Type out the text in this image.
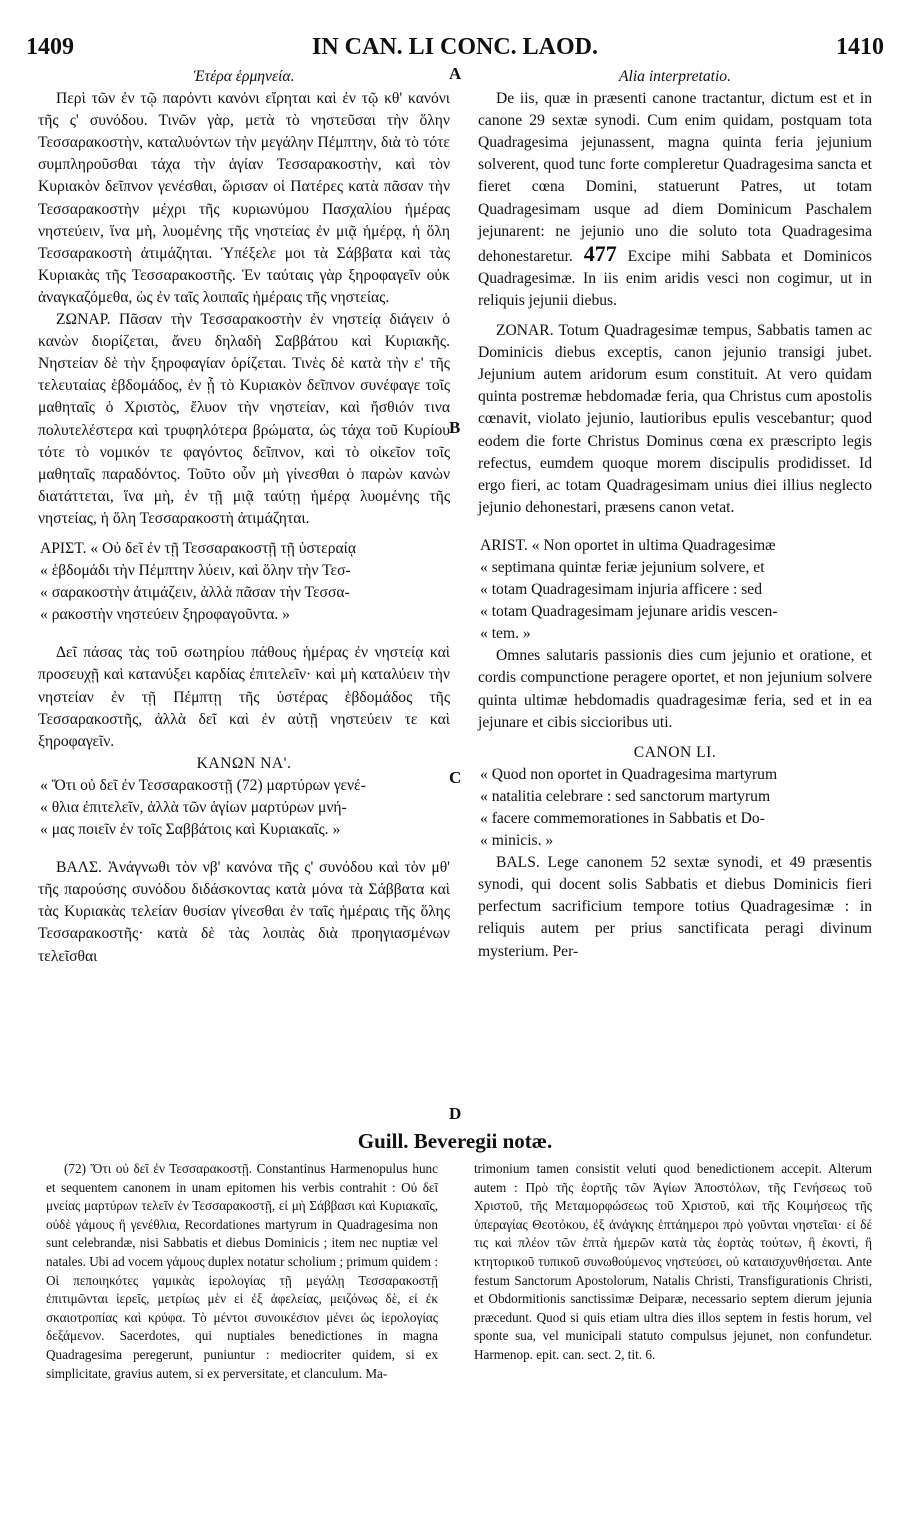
1409	IN CAN. LI CONC. LAOD.	1410
A
B
C
D

Ἑτέρα ἑρμηνεία.

Περὶ τῶν ἐν τῷ παρόντι κανόνι εἴρηται καὶ ἐν τῷ κθ' κανόνι τῆς ς' συνόδου. Τινῶν γὰρ, μετὰ τὸ νηστεῦσαι τὴν ὅλην Τεσσαρακοστὴν, καταλυόντων τὴν μεγάλην Πέμπτην, διὰ τὸ τότε συμπληροῦσθαι τάχα τὴν ἁγίαν Τεσσαρακοστὴν, καὶ τὸν Κυριακὸν δεῖπνον γενέσθαι, ὥρισαν οἱ Πατέρες κατὰ πᾶσαν τὴν Τεσσαρακοστὴν μέχρι τῆς κυριωνύμου Πασχαλίου ἡμέρας νηστεύειν, ἵνα μὴ, λυομένης τῆς νηστείας ἐν μιᾷ ἡμέρᾳ, ἡ ὅλη Τεσσαρακοστὴ ἀτιμάζηται. Ὑπέξελε μοι τὰ Σάββατα καὶ τὰς Κυριακὰς τῆς Τεσσαρακοστῆς. Ἐν ταύταις γὰρ ξηροφαγεῖν οὐκ ἀναγκαζόμεθα, ὡς ἐν ταῖς λοιπαῖς ἡμέραις τῆς νηστείας.

ΖΩΝΑΡ. Πᾶσαν τὴν Τεσσαρακοστὴν ἐν νηστείᾳ διάγειν ὁ κανὼν διορίζεται, ἄνευ δηλαδὴ Σαββάτου καὶ Κυριακῆς. Νηστείαν δὲ τὴν ξηροφαγίαν ὁρίζεται. Τινὲς δὲ κατὰ τὴν ε' τῆς τελευταίας ἑβδομάδος, ἐν ᾗ τὸ Κυριακὸν δεῖπνον συνέφαγε τοῖς μαθηταῖς ὁ Χριστὸς, ἔλυον τὴν νηστείαν, καὶ ἤσθιόν τινα πολυτελέστερα καὶ τρυφηλότερα βρώματα, ὡς τάχα τοῦ Κυρίου τότε τὸ νομικόν τε φαγόντος δεῖπνον, καὶ τὸ οἰκεῖον τοῖς μαθηταῖς παραδόντος. Τοῦτο οὖν μὴ γίνεσθαι ὁ παρὼν κανὼν διατάττεται, ἵνα μὴ, ἐν τῇ μιᾷ ταύτῃ ἡμέρᾳ λυομένης τῆς νηστείας, ἡ ὅλη Τεσσαρακοστὴ ἀτιμάζηται.

ΑΡΙΣΤ. « Οὐ δεῖ ἐν τῇ Τεσσαρακοστῇ τῇ ὑστεραίᾳ

« ἑβδομάδι τὴν Πέμπτην λύειν, καὶ ὅλην τὴν Τεσ-

« σαρακοστὴν ἀτιμάζειν, ἀλλὰ πᾶσαν τὴν Τεσσα-

« ρακοστὴν νηστεύειν ξηροφαγοῦντα. »

Δεῖ πάσας τὰς τοῦ σωτηρίου πάθους ἡμέρας ἐν νηστείᾳ καὶ προσευχῇ καὶ κατανύξει καρδίας ἐπιτελεῖν· καὶ μὴ καταλύειν τὴν νηστείαν ἐν τῇ Πέμπτῃ τῆς ὑστέρας ἑβδομάδος τῆς Τεσσαρακοστῆς, ἀλλὰ δεῖ καὶ ἐν αὐτῇ νηστεύειν τε καὶ ξηροφαγεῖν.

ΚΑΝΩΝ ΝΑ'.

« Ὅτι οὐ δεῖ ἐν Τεσσαρακοστῇ (72) μαρτύρων γενέ-

« θλια ἐπιτελεῖν, ἀλλὰ τῶν ἁγίων μαρτύρων μνή-

« μας ποιεῖν ἐν τοῖς Σαββάτοις καὶ Κυριακαῖς. »

ΒΑΛΣ. Ἀνάγνωθι τὸν νβ' κανόνα τῆς ς' συνόδου καὶ τὸν μθ' τῆς παρούσης συνόδου διδάσκοντας κατὰ μόνα τὰ Σάββατα καὶ τὰς Κυριακὰς τελείαν θυσίαν γίνεσθαι ἐν ταῖς ἡμέραις τῆς ὅλης Τεσσαρακοστῆς· κατὰ δὲ τὰς λοιπὰς διὰ προηγιασμένων τελεῖσθαι

Alia interpretatio.

De iis, quæ in præsenti canone tractantur, dictum est et in canone 29 sextæ synodi. Cum enim quidam, postquam tota Quadragesima jejunassent, magna quinta feria jejunium solverent, quod tunc forte compleretur Quadragesima sancta et fieret cœna Domini, statuerunt Patres, ut totam Quadragesimam usque ad diem Dominicum Paschalem jejunarent: ne jejunio uno die soluto tota Quadragesima dehonestaretur. 477 Excipe mihi Sabbata et Dominicos Quadragesimæ. In iis enim aridis vesci non cogimur, ut in reliquis jejunii diebus.

ZONAR. Totum Quadragesimæ tempus, Sabbatis tamen ac Dominicis diebus exceptis, canon jejunio transigi jubet. Jejunium autem aridorum esum constituit. At vero quidam quinta postremæ hebdomadæ feria, qua Christus cum apostolis cœnavit, violato jejunio, lautioribus epulis vescebantur; quod eodem die forte Christus Dominus cœna ex præscripto legis refectus, eumdem quoque morem discipulis prodidisset. Id ergo fieri, ac totam Quadragesimam unius diei illius neglecto jejunio dehonestari, præsens canon vetat.

ARIST. « Non oportet in ultima Quadragesimæ

« septimana quintæ feriæ jejunium solvere, et

« totam Quadragesimam injuria afficere : sed

« totam Quadragesimam jejunare aridis vescen-

« tem. »

Omnes salutaris passionis dies cum jejunio et oratione, et cordis compunctione peragere oportet, et non jejunium solvere quinta ultimæ hebdomadis quadragesimæ feria, sed et in ea jejunare et cibis siccioribus uti.

CANON LI.

« Quod non oportet in Quadragesima martyrum

« natalitia celebrare : sed sanctorum martyrum

« facere commemorationes in Sabbatis et Do-

« minicis. »

BALS. Lege canonem 52 sextæ synodi, et 49 præsentis synodi, qui docent solis Sabbatis et diebus Dominicis fieri perfectum sacrificium tempore totius Quadragesimæ : in reliquis autem per prius sanctificata peragi divinum mysterium. Per-

Guill. Beveregii notæ.

(72) Ὅτι οὐ δεῖ ἐν Τεσσαρακοστῇ. Constantinus Harmenopulus hunc et sequentem canonem in unam epitomen his verbis contrahit : Οὐ δεῖ μνείας μαρτύρων τελεῖν ἐν Τεσσαρακοστῇ, εἰ μὴ Σάββασι καὶ Κυριακαῖς, οὐδὲ γάμους ἢ γενέθλια, Recordationes martyrum in Quadragesima non sunt celebrandæ, nisi Sabbatis et diebus Dominicis ; item nec nuptiæ vel natales. Ubi ad vocem γάμους duplex notatur scholium ; primum quidem : Οἱ πεποιηκότες γαμικὰς ἱερολογίας τῇ μεγάλῃ Τεσσαρακοστῇ ἐπιτιμῶνται ἱερεῖς, μετρίως μὲν εἰ ἐξ ἀφελείας, μειζόνως δὲ, εἰ ἐκ σκαιοτροπίας καὶ κρύφα. Τὸ μέντοι συνοικέσιον μένει ὡς ἱερολογίας δεξάμενον. Sacerdotes, qui nuptiales benedictiones in magna Quadragesima peregerunt, puniuntur : mediocriter quidem, si ex simplicitate, gravius autem, si ex perversitate, et clanculum. Ma-

trimonium tamen consistit veluti quod benedictionem accepit. Alterum autem : Πρὸ τῆς ἑορτῆς τῶν Ἁγίων Ἀποστόλων, τῆς Γενήσεως τοῦ Χριστοῦ, τῆς Μεταμορφώσεως τοῦ Χριστοῦ, καὶ τῆς Κοιμήσεως τῆς ὑπεραγίας Θεοτόκου, ἐξ ἀνάγκης ἑπτάημεροι πρὸ γοῦνται νηστεῖαι· εἰ δέ τις καὶ πλέον τῶν ἑπτὰ ἡμερῶν κατὰ τὰς ἑορτὰς τούτων, ἢ ἑκοντὶ, ἢ κτητορικοῦ τυπικοῦ συνωθούμενος νηστεύσει, οὐ καταισχυνθήσεται. Ante festum Sanctorum Apostolorum, Natalis Christi, Transfigurationis Christi, et Obdormitionis sanctissimæ Deiparæ, necessario septem dierum jejunia præcedunt. Quod si quis etiam ultra dies illos septem in festis horum, vel sponte sua, vel municipali statuto compulsus jejunet, non confundetur. Harmenop. epit. can. sect. 2, tit. 6.
